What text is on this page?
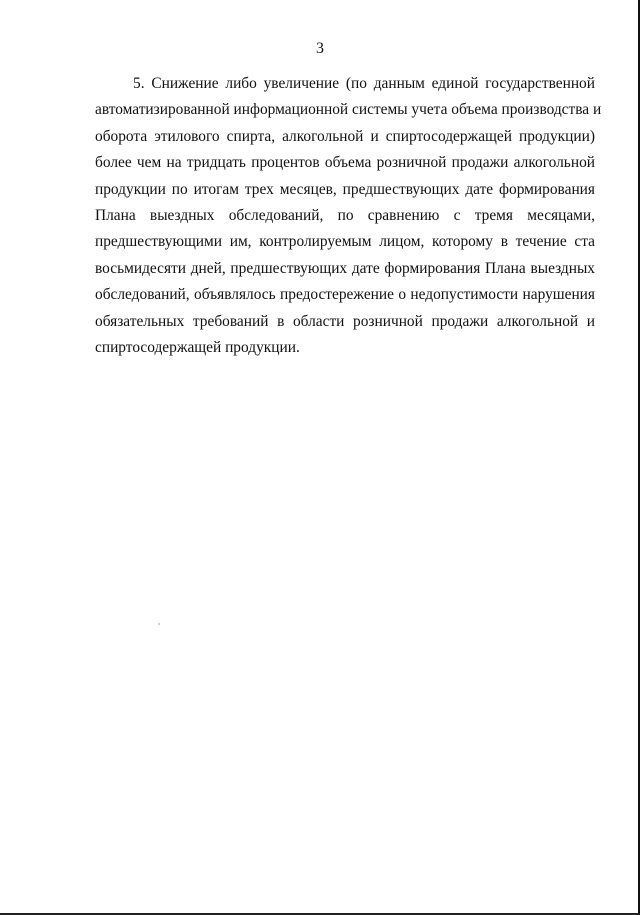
3
5. Снижение либо увеличение (по данным единой государственной
автоматизированной информационной системы учета объема производства и
оборота этилового спирта, алкогольной и спиртосодержащей продукции)
более чем на тридцать процентов объема розничной продажи алкогольной
продукции по итогам трех месяцев, предшествующих дате формирования
Плана выездных обследований, по сравнению с тремя месяцами,
предшествующими им, контролируемым лицом, которому в течение ста
восьмидесяти дней, предшествующих дате формирования Плана выездных
обследований, объявлялось предостережение о недопустимости нарушения
обязательных требований в области розничной продажи алкогольной и
спиртосодержащей продукции.
